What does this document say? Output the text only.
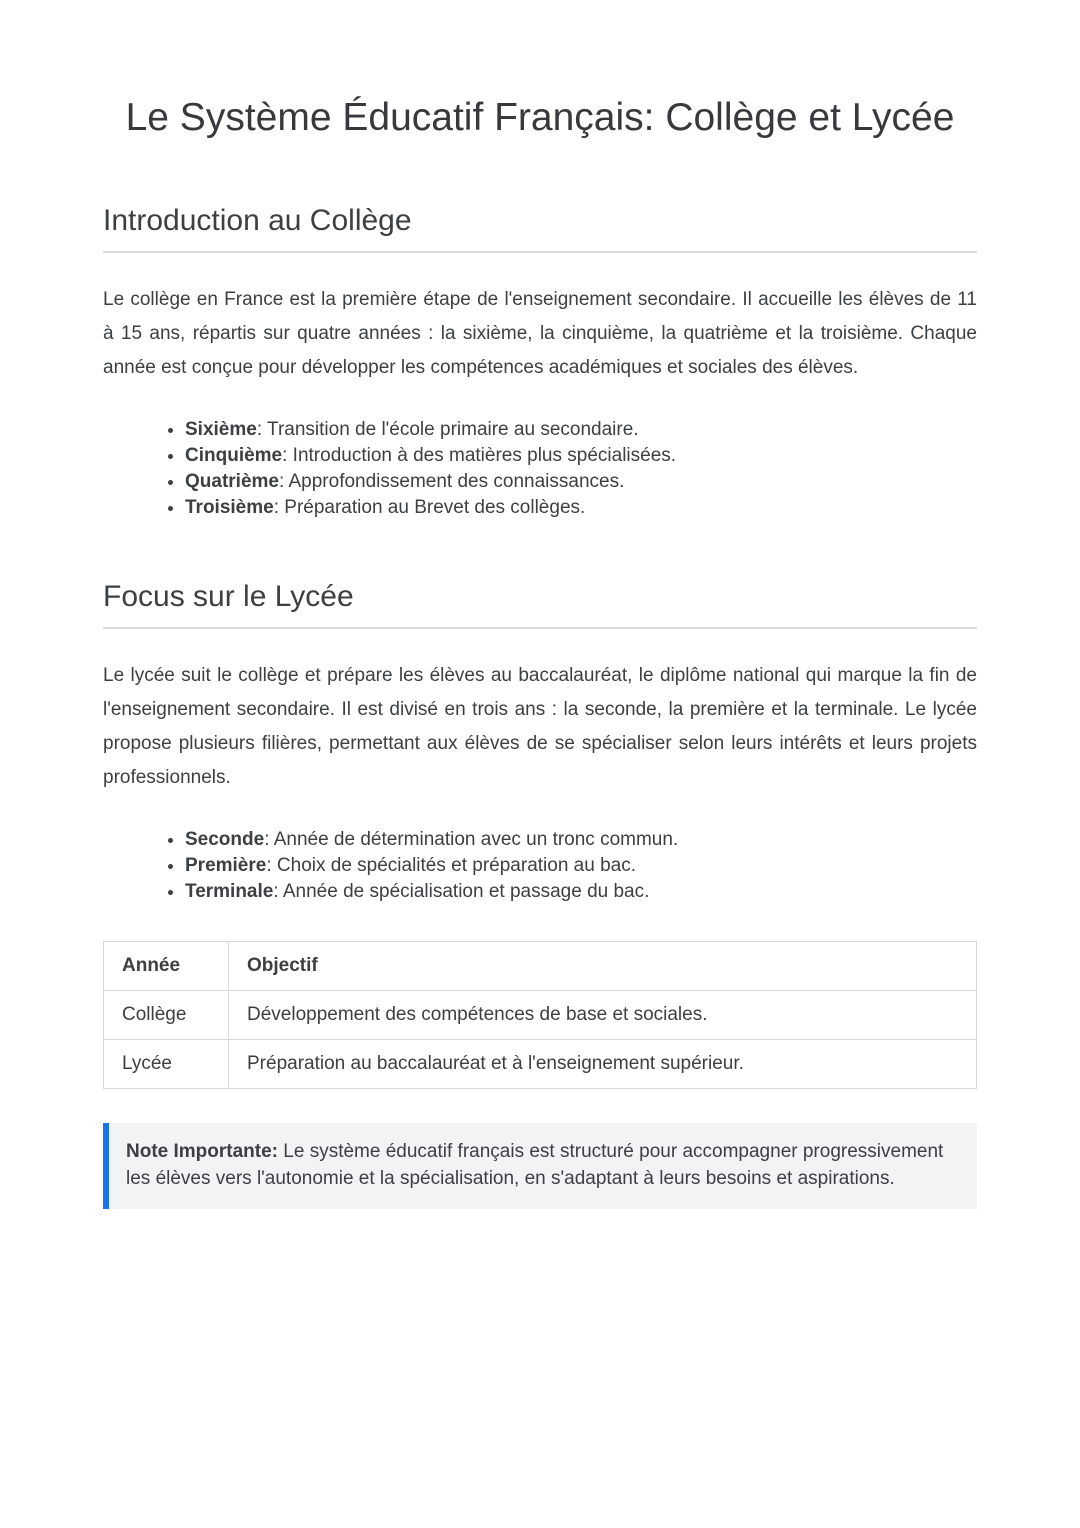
Le Système Éducatif Français: Collège et Lycée
Introduction au Collège

Le collège en France est la première étape de l'enseignement secondaire. Il accueille les élèves de 11 à 15 ans, répartis sur quatre années : la sixième, la cinquième, la quatrième et la troisième. Chaque année est conçue pour développer les compétences académiques et sociales des élèves.

• Sixième: Transition de l'école primaire au secondaire.
• Cinquième: Introduction à des matières plus spécialisées.
• Quatrième: Approfondissement des connaissances.
• Troisième: Préparation au Brevet des collèges.
Focus sur le Lycée

Le lycée suit le collège et prépare les élèves au baccalauréat, le diplôme national qui marque la fin de l'enseignement secondaire. Il est divisé en trois ans : la seconde, la première et la terminale. Le lycée propose plusieurs filières, permettant aux élèves de se spécialiser selon leurs intérêts et leurs projets professionnels.

• Seconde: Année de détermination avec un tronc commun.
• Première: Choix de spécialités et préparation au bac.
• Terminale: Année de spécialisation et passage du bac.
Année	Objectif
Collège	Développement des compétences de base et sociales.
Lycée	Préparation au baccalauréat et à l'enseignement supérieur.
Note Importante: Le système éducatif français est structuré pour accompagner progressivement les élèves vers l'autonomie et la spécialisation, en s'adaptant à leurs besoins et aspirations.
